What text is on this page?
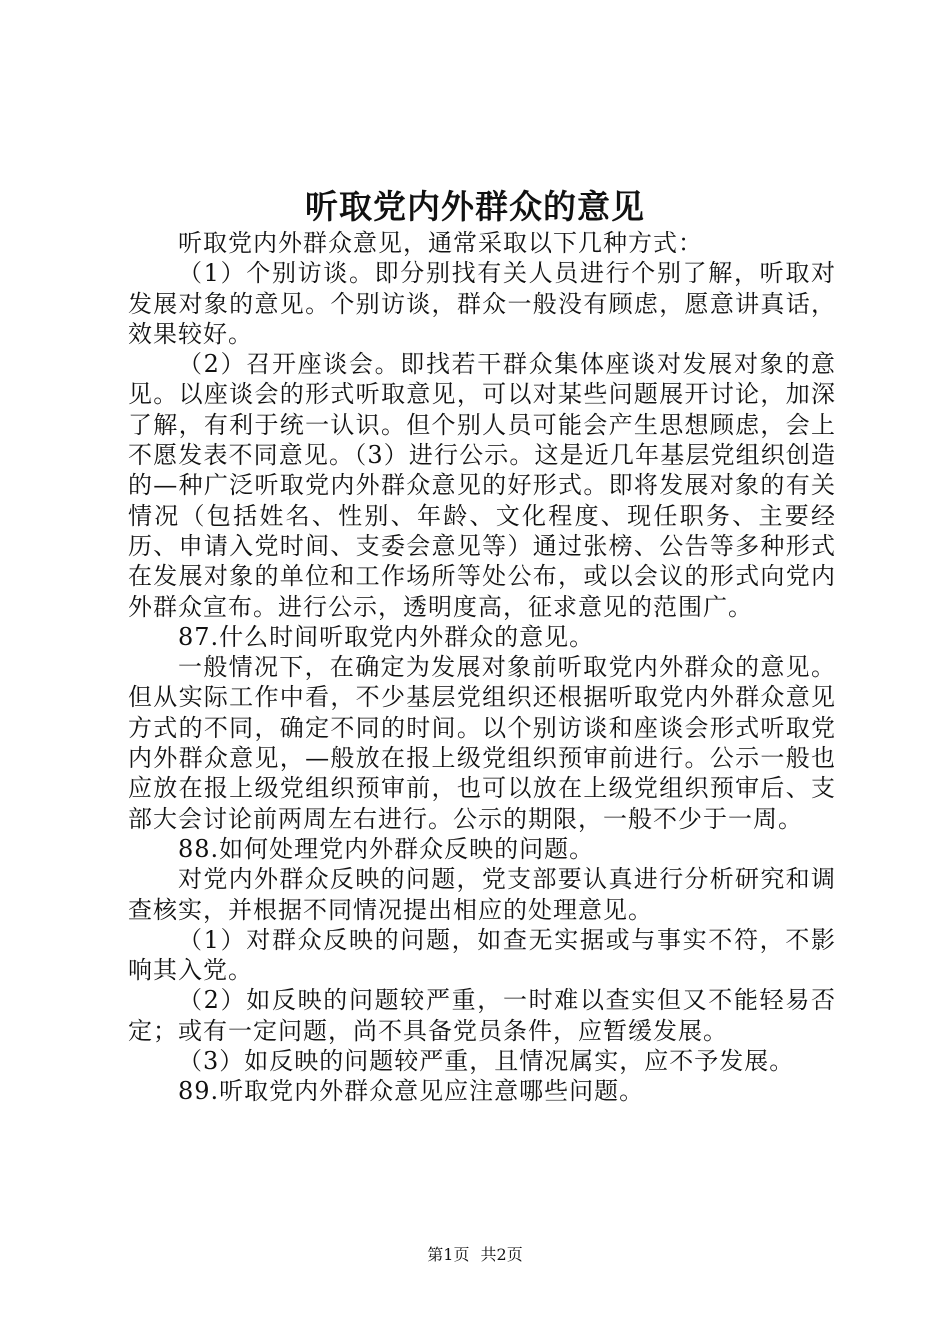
听取党内外群众的意见

听取党内外群众意见，通常采取以下几种方式：

（1）个别访谈。即分别找有关人员进行个别了解，听取对发展对象的意见。个别访谈，群众一般没有顾虑，愿意讲真话，效果较好。

（2）召开座谈会。即找若干群众集体座谈对发展对象的意见。以座谈会的形式听取意见，可以对某些问题展开讨论，加深了解，有利于统一认识。但个别人员可能会产生思想顾虑，会上不愿发表不同意见。（3）进行公示。这是近几年基层党组织创造的—种广泛听取党内外群众意见的好形式。即将发展对象的有关情况（包括姓名、性别、年龄、文化程度、现任职务、主要经历、申请入党时间、支委会意见等）通过张榜、公告等多种形式在发展对象的单位和工作场所等处公布，或以会议的形式向党内外群众宣布。进行公示，透明度高，征求意见的范围广。

87.什么时间听取党内外群众的意见。

一般情况下，在确定为发展对象前听取党内外群众的意见。但从实际工作中看，不少基层党组织还根据听取党内外群众意见方式的不同，确定不同的时间。以个别访谈和座谈会形式听取党内外群众意见，—般放在报上级党组织预审前进行。公示一般也应放在报上级党组织预审前，也可以放在上级党组织预审后、支部大会讨论前两周左右进行。公示的期限，一般不少于一周。

88.如何处理党内外群众反映的问题。

对党内外群众反映的问题，党支部要认真进行分析研究和调查核实，并根据不同情况提出相应的处理意见。

（1）对群众反映的问题，如查无实据或与事实不符，不影响其入党。

（2）如反映的问题较严重，一时难以查实但又不能轻易否定；或有一定问题，尚不具备党员条件，应暂缓发展。

（3）如反映的问题较严重，且情况属实，应不予发展。

89.听取党内外群众意见应注意哪些问题。

第1页 共2页
